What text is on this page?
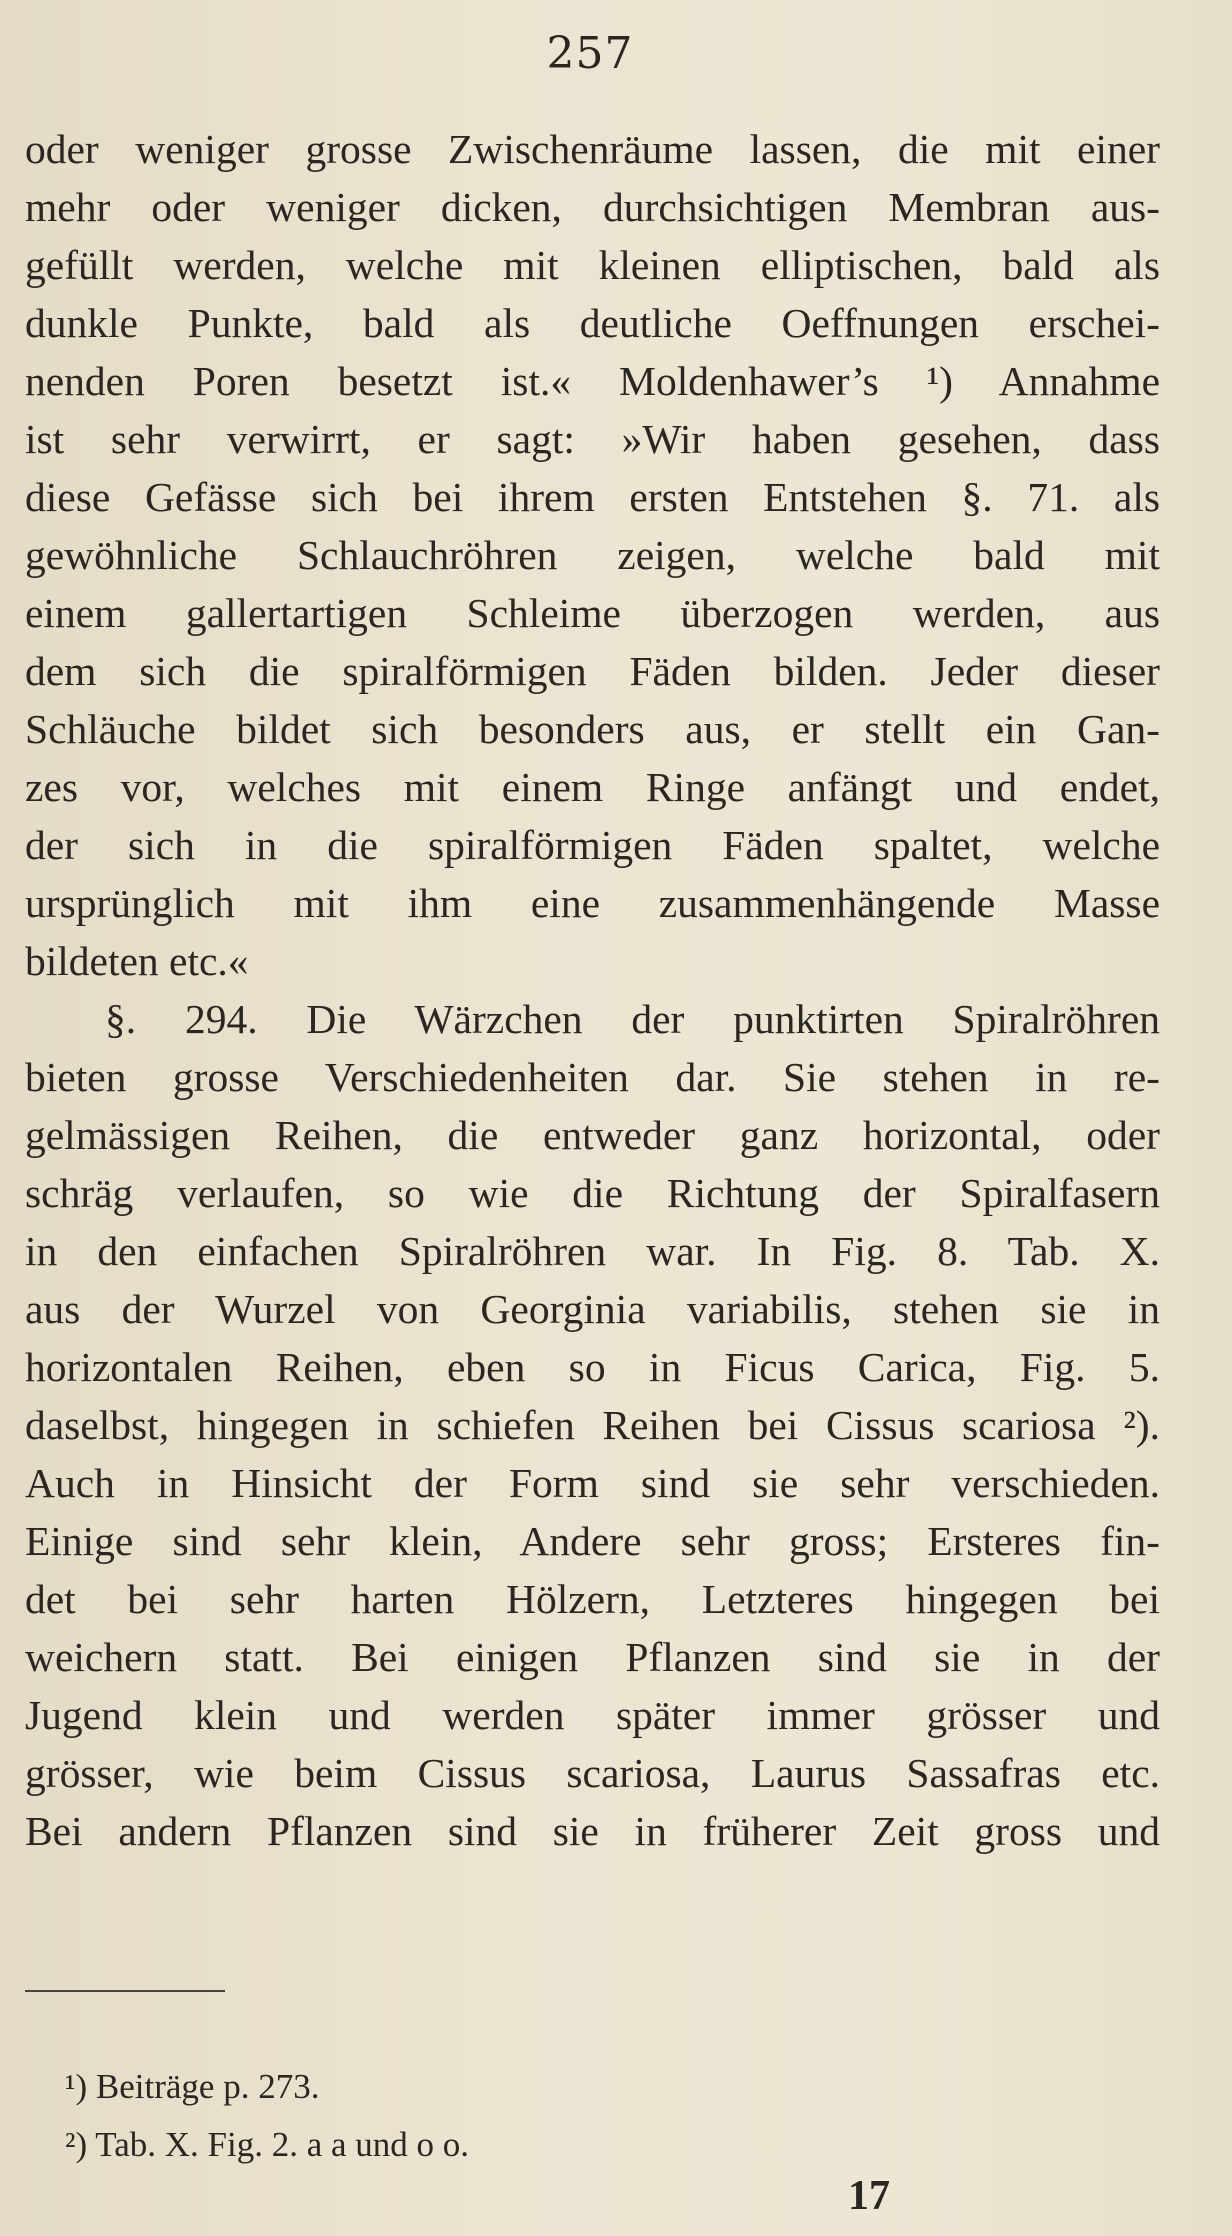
257
oder weniger grosse Zwischenräume lassen, die mit einer
mehr oder weniger dicken, durchsichtigen Membran aus-
gefüllt werden, welche mit kleinen elliptischen, bald als
dunkle Punkte, bald als deutliche Oeffnungen erschei-
nenden Poren besetzt ist.« Moldenhawer’s ¹) Annahme
ist sehr verwirrt, er sagt: »Wir haben gesehen, dass
diese Gefässe sich bei ihrem ersten Entstehen §. 71. als
gewöhnliche Schlauchröhren zeigen, welche bald mit
einem gallertartigen Schleime überzogen werden, aus
dem sich die spiralförmigen Fäden bilden. Jeder dieser
Schläuche bildet sich besonders aus, er stellt ein Gan-
zes vor, welches mit einem Ringe anfängt und endet,
der sich in die spiralförmigen Fäden spaltet, welche
ursprünglich mit ihm eine zusammenhängende Masse
bildeten etc.«
§. 294. Die Wärzchen der punktirten Spiralröhren
bieten grosse Verschiedenheiten dar. Sie stehen in re-
gelmässigen Reihen, die entweder ganz horizontal, oder
schräg verlaufen, so wie die Richtung der Spiralfasern
in den einfachen Spiralröhren war. In Fig. 8. Tab. X.
aus der Wurzel von Georginia variabilis, stehen sie in
horizontalen Reihen, eben so in Ficus Carica, Fig. 5.
daselbst, hingegen in schiefen Reihen bei Cissus scariosa ²).
Auch in Hinsicht der Form sind sie sehr verschieden.
Einige sind sehr klein, Andere sehr gross; Ersteres fin-
det bei sehr harten Hölzern, Letzteres hingegen bei
weichern statt. Bei einigen Pflanzen sind sie in der
Jugend klein und werden später immer grösser und
grösser, wie beim Cissus scariosa, Laurus Sassafras etc.
Bei andern Pflanzen sind sie in früherer Zeit gross und
¹) Beiträge p. 273.
²) Tab. X. Fig. 2. a a und o o.
17
